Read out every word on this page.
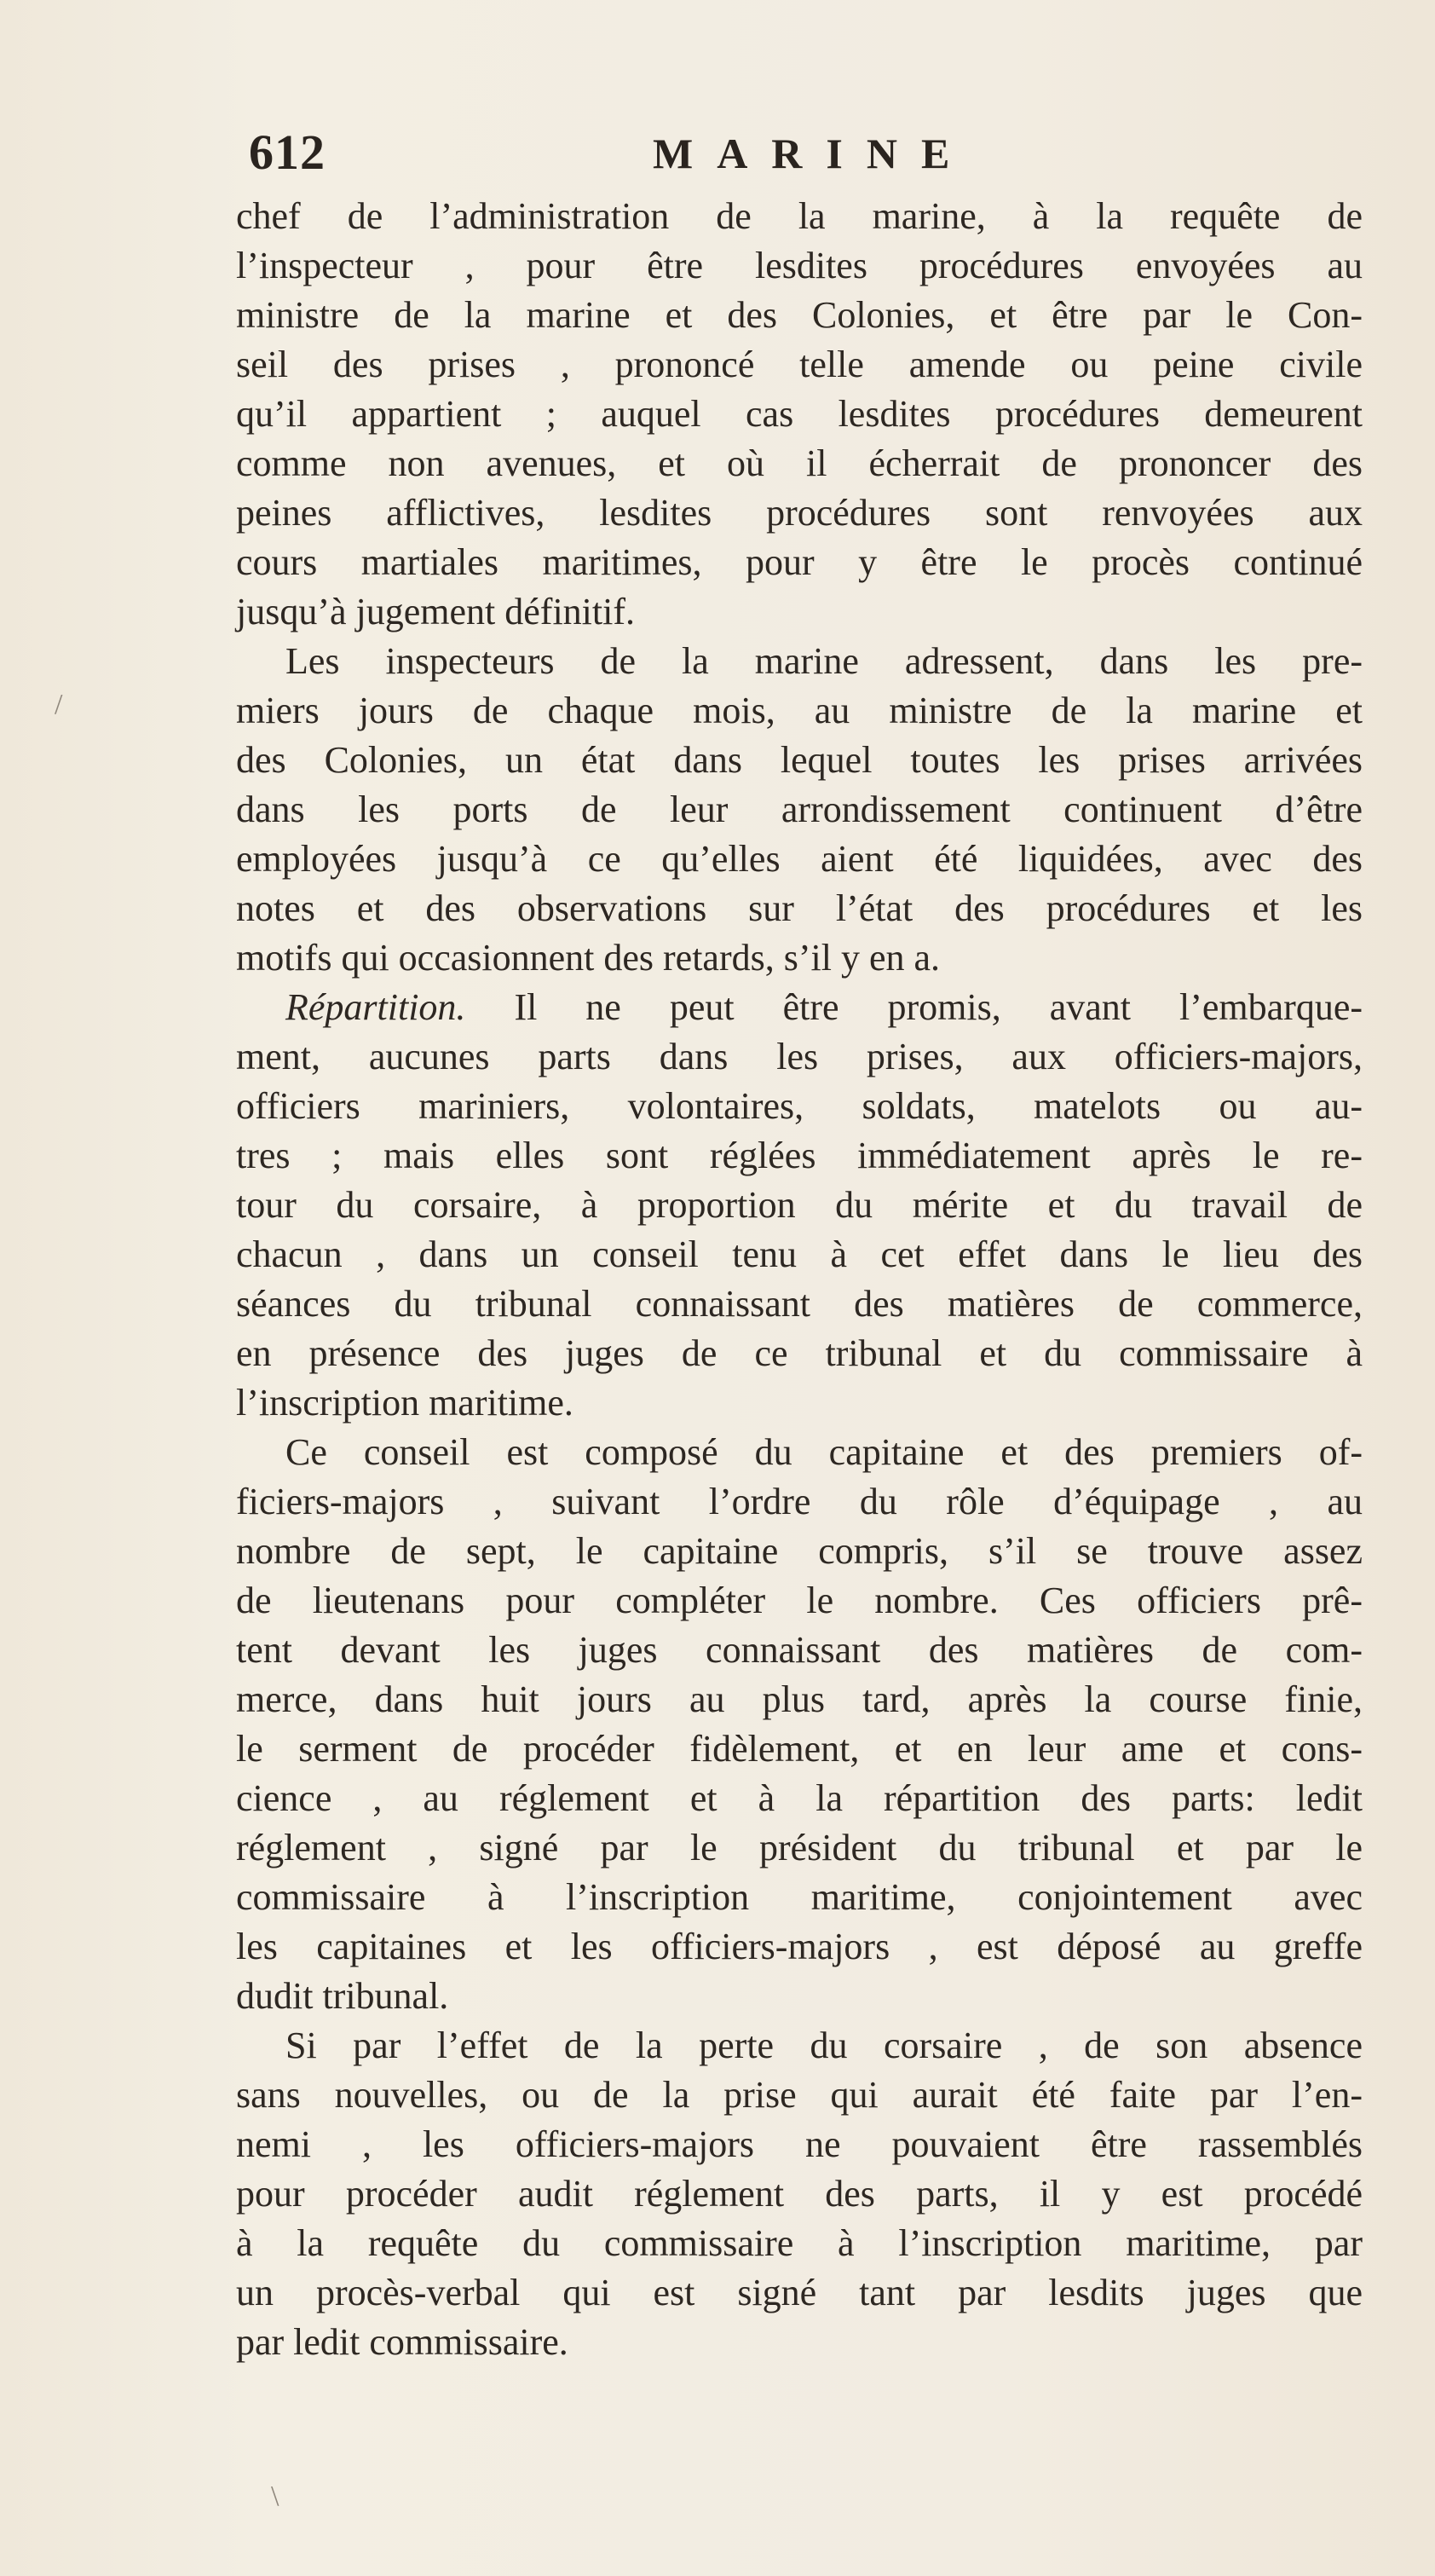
612	MARINE
chef de l’administration de la marine, à la requête de
l’inspecteur , pour être lesdites procédures envoyées au
ministre de la marine et des Colonies, et être par le Con-
seil des prises , prononcé telle amende ou peine civile
qu’il appartient ; auquel cas lesdites procédures demeurent
comme non avenues, et où il écherrait de prononcer des
peines afflictives, lesdites procédures sont renvoyées aux
cours martiales maritimes, pour y être le procès continué
jusqu’à jugement définitif.
Les inspecteurs de la marine adressent, dans les pre-
miers jours de chaque mois, au ministre de la marine et
des Colonies, un état dans lequel toutes les prises arrivées
dans les ports de leur arrondissement continuent d’être
employées jusqu’à ce qu’elles aient été liquidées, avec des
notes et des observations sur l’état des procédures et les
motifs qui occasionnent des retards, s’il y en a.
Répartition. Il ne peut être promis, avant l’embarque-
ment, aucunes parts dans les prises, aux officiers-majors,
officiers mariniers, volontaires, soldats, matelots ou au-
tres ; mais elles sont réglées immédiatement après le re-
tour du corsaire, à proportion du mérite et du travail de
chacun , dans un conseil tenu à cet effet dans le lieu des
séances du tribunal connaissant des matières de commerce,
en présence des juges de ce tribunal et du commissaire à
l’inscription maritime.
Ce conseil est composé du capitaine et des premiers of-
ficiers-majors , suivant l’ordre du rôle d’équipage , au
nombre de sept, le capitaine compris, s’il se trouve assez
de lieutenans pour compléter le nombre. Ces officiers prê-
tent devant les juges connaissant des matières de com-
merce, dans huit jours au plus tard, après la course finie,
le serment de procéder fidèlement, et en leur ame et cons-
cience , au réglement et à la répartition des parts: ledit
réglement , signé par le président du tribunal et par le
commissaire à l’inscription maritime, conjointement avec
les capitaines et les officiers-majors , est déposé au greffe
dudit tribunal.
Si par l’effet de la perte du corsaire , de son absence
sans nouvelles, ou de la prise qui aurait été faite par l’en-
nemi , les officiers-majors ne pouvaient être rassemblés
pour procéder audit réglement des parts, il y est procédé
à la requête du commissaire à l’inscription maritime, par
un procès-verbal qui est signé tant par lesdits juges que
par ledit commissaire.
/
\
